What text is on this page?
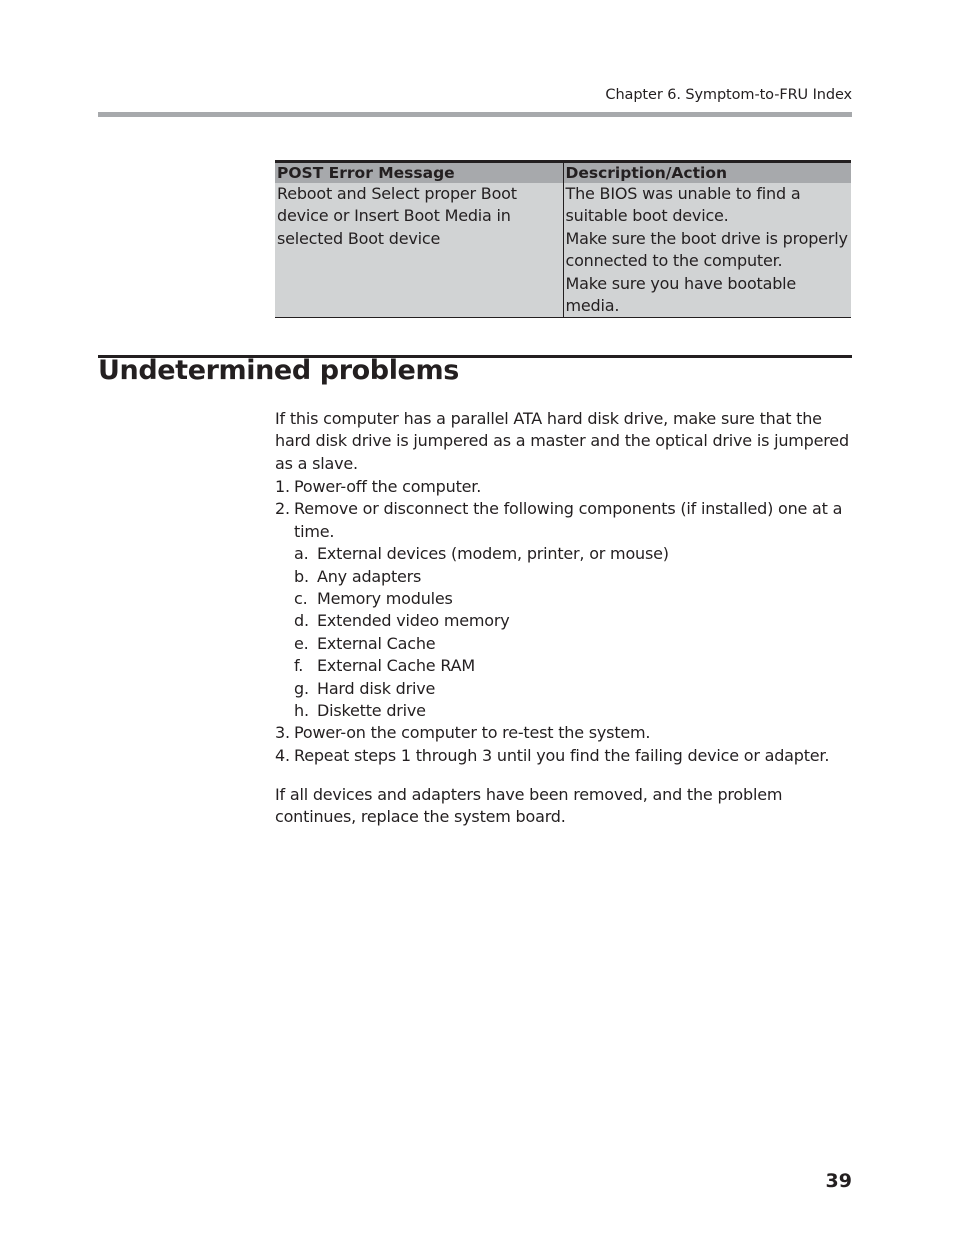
Chapter 6. Symptom-to-FRU Index
POST Error Message	Description/Action
Reboot and Select proper Boot device or Insert Boot Media in selected Boot device	The BIOS was unable to find a suitable boot device.
Make sure the boot drive is properly connected to the computer.
Make sure you have bootable media.
Undetermined problems

If this computer has a parallel ATA hard disk drive, make sure that the hard disk drive is jumpered as a master and the optical drive is jumpered as a slave.

1. Power-off the computer.
2. Remove or disconnect the following components (if installed) one at a time.
a. External devices (modem, printer, or mouse)
b. Any adapters
c. Memory modules
d. Extended video memory
e. External Cache
f. External Cache RAM
g. Hard disk drive
h. Diskette drive
3. Power-on the computer to re-test the system.
4. Repeat steps 1 through 3 until you find the failing device or adapter.

If all devices and adapters have been removed, and the problem continues, replace the system board.

39
